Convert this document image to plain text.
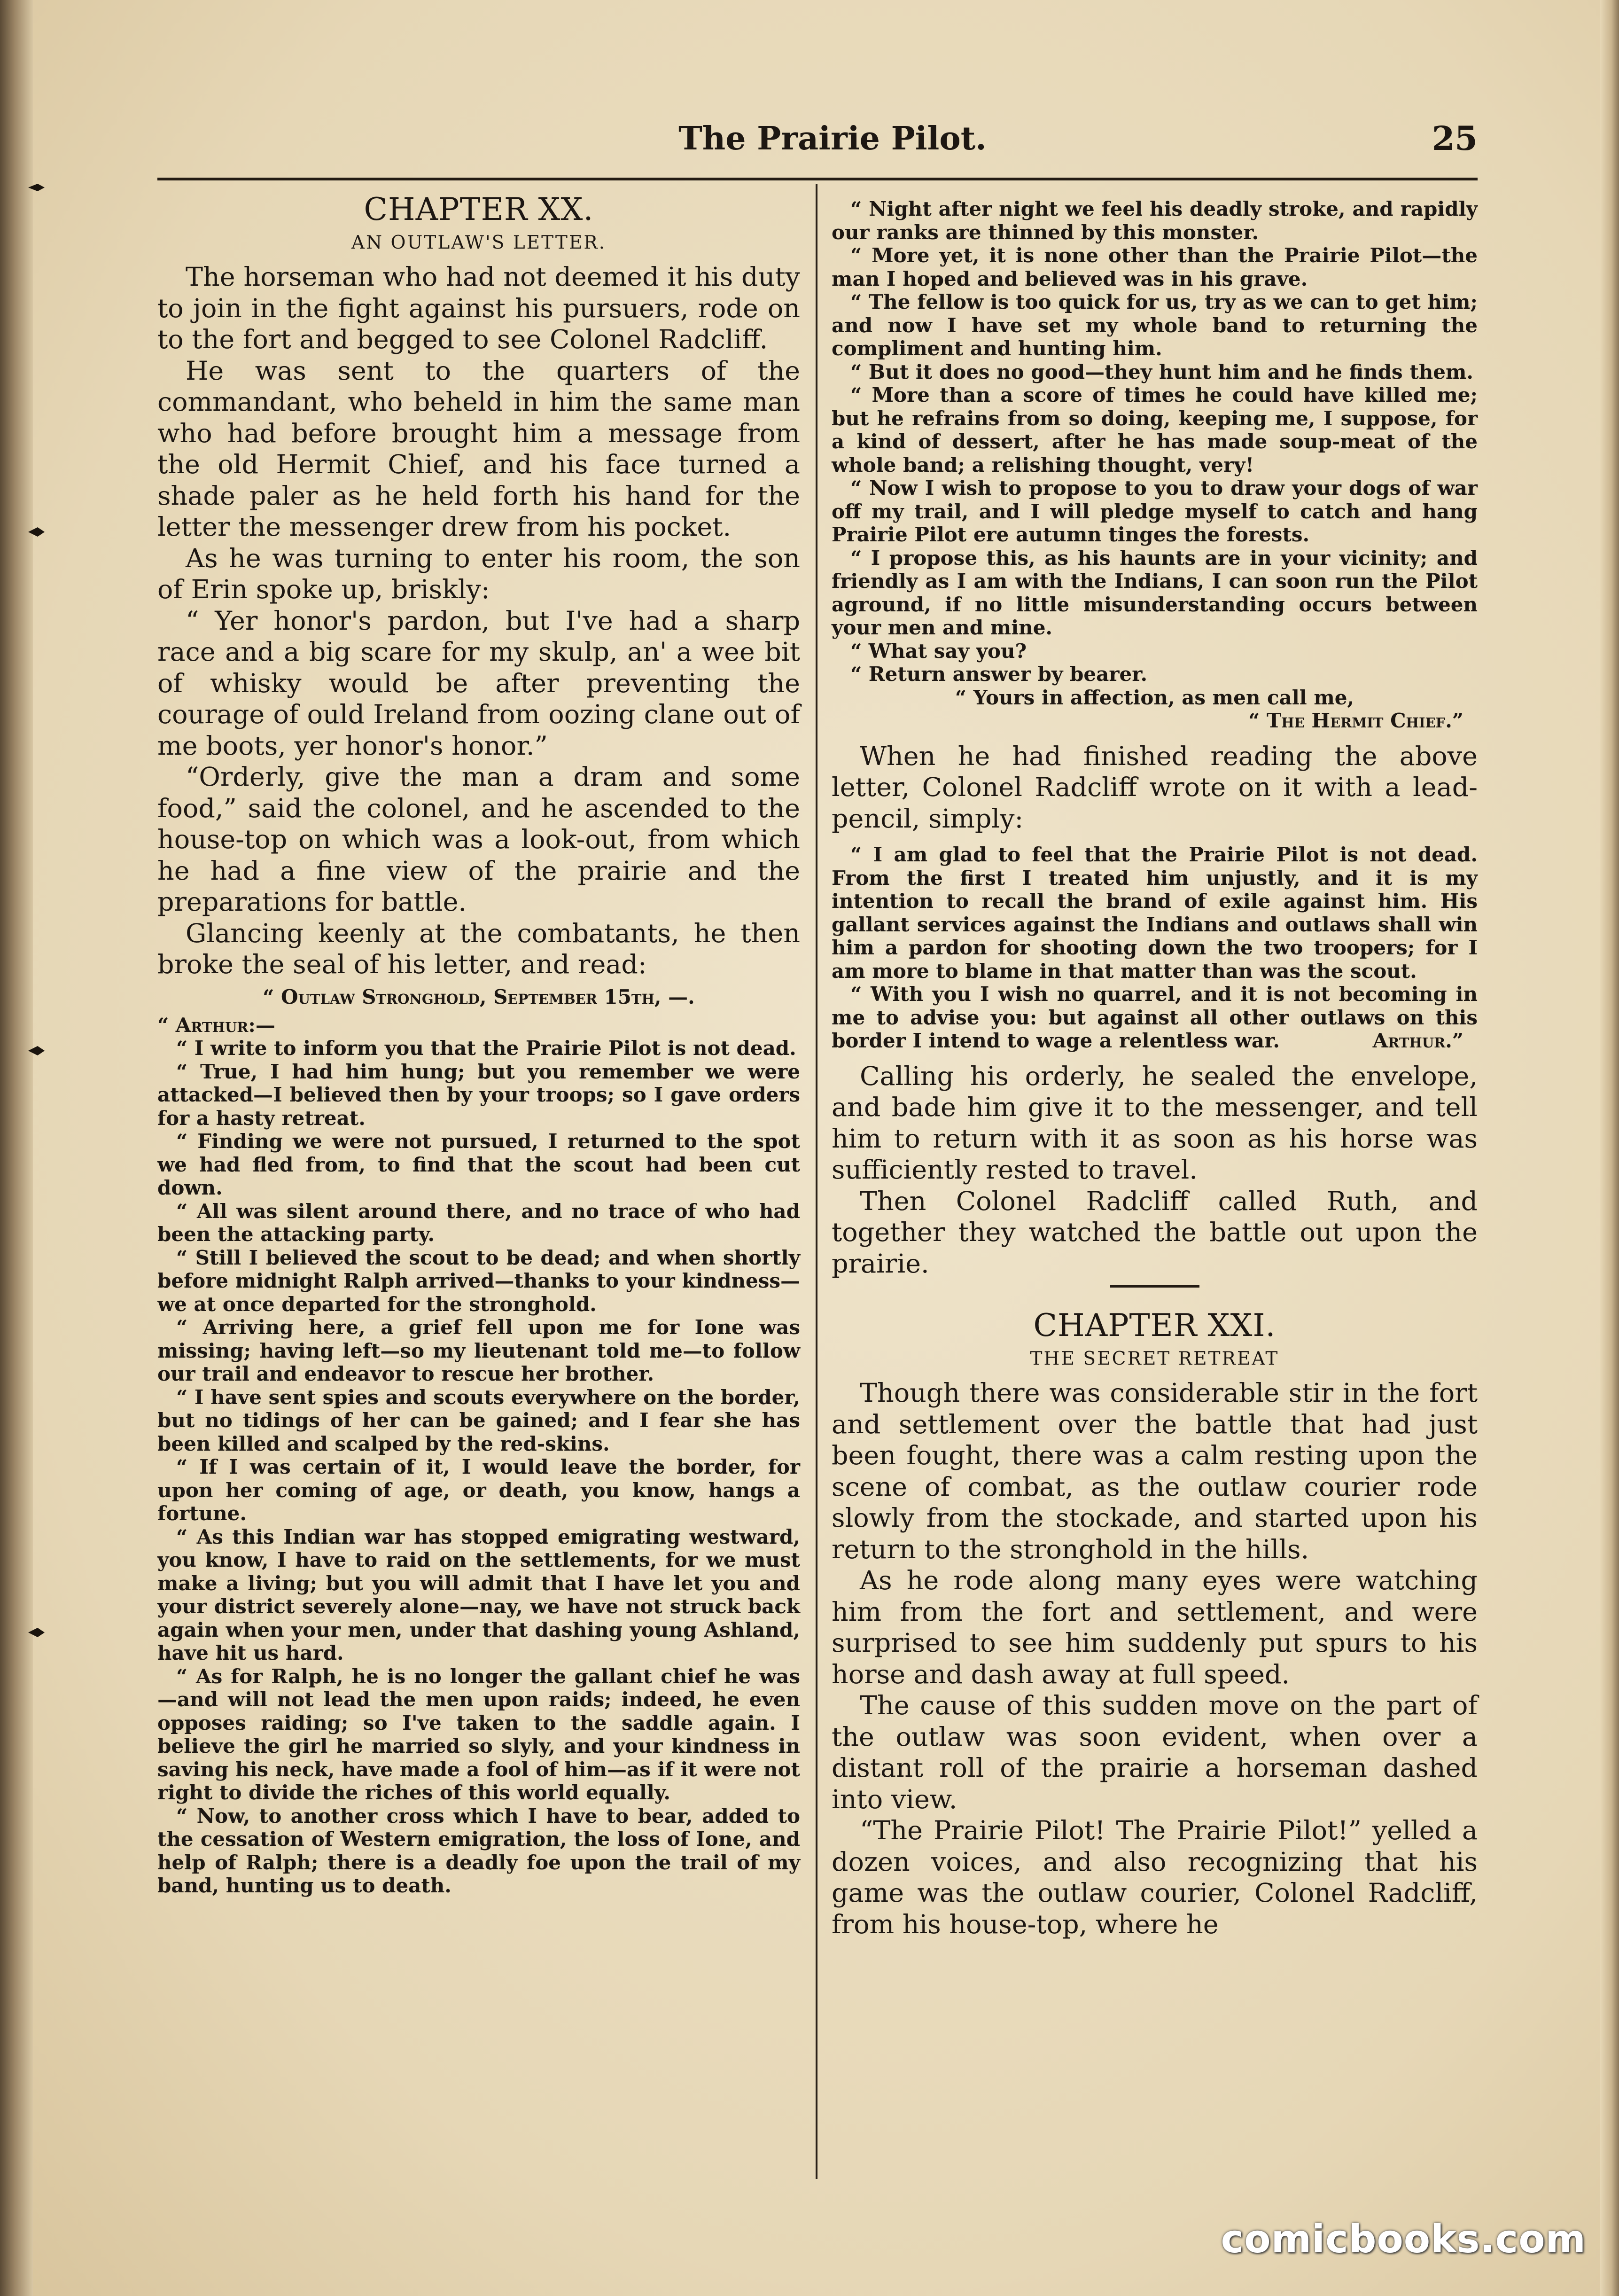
The Prairie Pilot.	25
CHAPTER XX.
AN OUTLAW'S LETTER.

The horseman who had not deemed it his duty to join in the fight against his pursuers, rode on to the fort and begged to see Colonel Radcliff.

He was sent to the quarters of the commandant, who beheld in him the same man who had before brought him a message from the old Hermit Chief, and his face turned a shade paler as he held forth his hand for the letter the messenger drew from his pocket.

As he was turning to enter his room, the son of Erin spoke up, briskly:

“ Yer honor's pardon, but I've had a sharp race and a big scare for my skulp, an' a wee bit of whisky would be after preventing the courage of ould Ireland from oozing clane out of me boots, yer honor's honor.”

“Orderly, give the man a dram and some food,” said the colonel, and he ascended to the house-top on which was a look-out, from which he had a fine view of the prairie and the preparations for battle.

Glancing keenly at the combatants, he then broke the seal of his letter, and read:

“ Outlaw Stronghold, September 15th, —.

“ Arthur:—

“ I write to inform you that the Prairie Pilot is not dead.

“ True, I had him hung; but you remember we were attacked—I believed then by your troops; so I gave orders for a hasty retreat.

“ Finding we were not pursued, I returned to the spot we had fled from, to find that the scout had been cut down.

“ All was silent around there, and no trace of who had been the attacking party.

“ Still I believed the scout to be dead; and when shortly before midnight Ralph arrived—thanks to your kindness—we at once departed for the stronghold.

“ Arriving here, a grief fell upon me for Ione was missing; having left—so my lieutenant told me—to follow our trail and endeavor to rescue her brother.

“ I have sent spies and scouts everywhere on the border, but no tidings of her can be gained; and I fear she has been killed and scalped by the red-skins.

“ If I was certain of it, I would leave the border, for upon her coming of age, or death, you know, hangs a fortune.

“ As this Indian war has stopped emigrating westward, you know, I have to raid on the settlements, for we must make a living; but you will admit that I have let you and your district severely alone—nay, we have not struck back again when your men, under that dashing young Ashland, have hit us hard.

“ As for Ralph, he is no longer the gallant chief he was—and will not lead the men upon raids; indeed, he even opposes raiding; so I've taken to the saddle again. I believe the girl he married so slyly, and your kindness in saving his neck, have made a fool of him—as if it were not right to divide the riches of this world equally.

“ Now, to another cross which I have to bear, added to the cessation of Western emigration, the loss of Ione, and help of Ralph; there is a deadly foe upon the trail of my band, hunting us to death.

“ Night after night we feel his deadly stroke, and rapidly our ranks are thinned by this monster.

“ More yet, it is none other than the Prairie Pilot—the man I hoped and believed was in his grave.

“ The fellow is too quick for us, try as we can to get him; and now I have set my whole band to returning the compliment and hunting him.

“ But it does no good—they hunt him and he finds them.

“ More than a score of times he could have killed me; but he refrains from so doing, keeping me, I suppose, for a kind of dessert, after he has made soup-meat of the whole band; a relishing thought, very!

“ Now I wish to propose to you to draw your dogs of war off my trail, and I will pledge myself to catch and hang Prairie Pilot ere autumn tinges the forests.

“ I propose this, as his haunts are in your vicinity; and friendly as I am with the Indians, I can soon run the Pilot aground, if no little misunderstanding occurs between your men and mine.

“ What say you?

“ Return answer by bearer.

“ Yours in affection, as men call me,

“ The Hermit Chief.”

When he had finished reading the above letter, Colonel Radcliff wrote on it with a lead-pencil, simply:

“ I am glad to feel that the Prairie Pilot is not dead. From the first I treated him unjustly, and it is my intention to recall the brand of exile against him. His gallant services against the Indians and outlaws shall win him a pardon for shooting down the two troopers; for I am more to blame in that matter than was the scout.

“ With you I wish no quarrel, and it is not becoming in me to advise you: but against all other outlaws on this border I intend to wage a relentless war.	Arthur.”

Calling his orderly, he sealed the envelope, and bade him give it to the messenger, and tell him to return with it as soon as his horse was sufficiently rested to travel.

Then Colonel Radcliff called Ruth, and together they watched the battle out upon the prairie.

CHAPTER XXI.
THE SECRET RETREAT

Though there was considerable stir in the fort and settlement over the battle that had just been fought, there was a calm resting upon the scene of combat, as the outlaw courier rode slowly from the stockade, and started upon his return to the stronghold in the hills.

As he rode along many eyes were watching him from the fort and settlement, and were surprised to see him suddenly put spurs to his horse and dash away at full speed.

The cause of this sudden move on the part of the outlaw was soon evident, when over a distant roll of the prairie a horseman dashed into view.

“The Prairie Pilot! The Prairie Pilot!” yelled a dozen voices, and also recognizing that his game was the outlaw courier, Colonel Radcliff, from his house-top, where he

comicbooks.com
